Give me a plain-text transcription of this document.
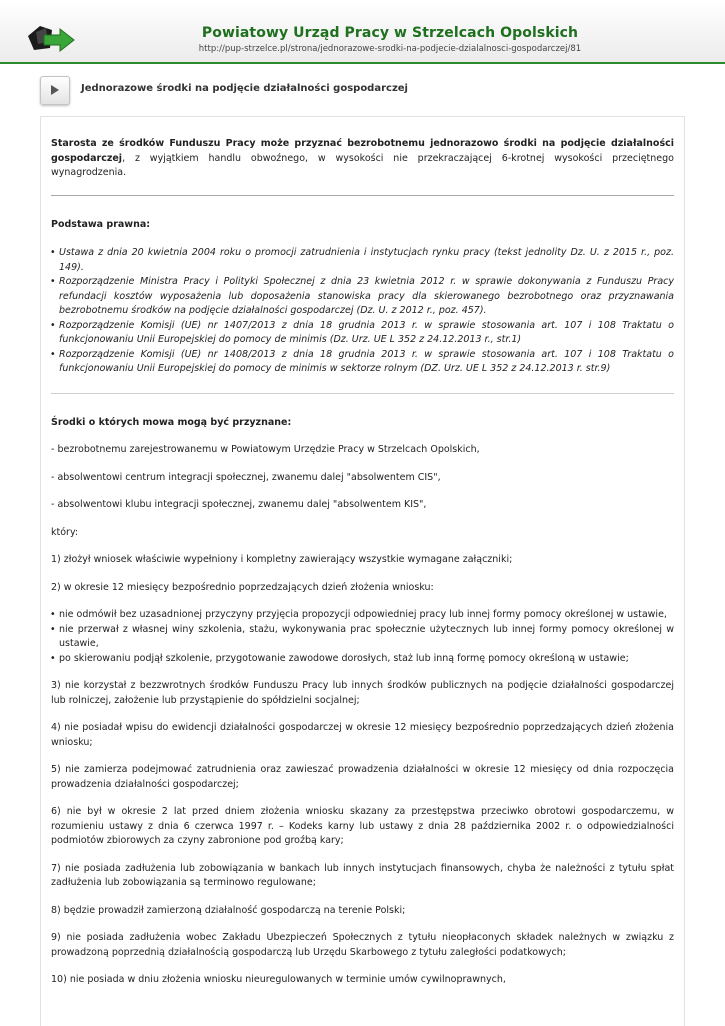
Powiatowy Urząd Pracy w Strzelcach Opolskich
http://pup-strzelce.pl/strona/jednorazowe-srodki-na-podjecie-dzialalnosci-gospodarczej/81
Jednorazowe środki na podjęcie działalności gospodarczej

Starosta ze środków Funduszu Pracy może przyznać bezrobotnemu jednorazowo środki na podjęcie działalności gospodarczej, z wyjątkiem handlu obwoźnego, w wysokości nie przekraczającej 6-krotnej wysokości przeciętnego wynagrodzenia.

Podstawa prawna:

• Ustawa z dnia 20 kwietnia 2004 roku o promocji zatrudnienia i instytucjach rynku pracy (tekst jednolity Dz. U. z 2015 r., poz. 149).
• Rozporządzenie Ministra Pracy i Polityki Społecznej z dnia 23 kwietnia 2012 r. w sprawie dokonywania z Funduszu Pracy refundacji kosztów wyposażenia lub doposażenia stanowiska pracy dla skierowanego bezrobotnego oraz przyznawania bezrobotnemu środków na podjęcie działalności gospodarczej (Dz. U. z 2012 r., poz. 457).
• Rozporządzenie Komisji (UE) nr 1407/2013 z dnia 18 grudnia 2013 r. w sprawie stosowania art. 107 i 108 Traktatu o funkcjonowaniu Unii Europejskiej do pomocy de minimis (Dz. Urz. UE L 352 z 24.12.2013 r., str.1)
• Rozporządzenie Komisji (UE) nr 1408/2013 z dnia 18 grudnia 2013 r. w sprawie stosowania art. 107 i 108 Traktatu o funkcjonowaniu Unii Europejskiej do pomocy de minimis w sektorze rolnym (DZ. Urz. UE L 352 z 24.12.2013 r. str.9)

Środki o których mowa mogą być przyznane:

- bezrobotnemu zarejestrowanemu w Powiatowym Urzędzie Pracy w Strzelcach Opolskich,

- absolwentowi centrum integracji społecznej, zwanemu dalej "absolwentem CIS",

- absolwentowi klubu integracji społecznej, zwanemu dalej "absolwentem KIS",

który:

1) złożył wniosek właściwie wypełniony i kompletny zawierający wszystkie wymagane załączniki;

2) w okresie 12 miesięcy bezpośrednio poprzedzających dzień złożenia wniosku:

• nie odmówił bez uzasadnionej przyczyny przyjęcia propozycji odpowiedniej pracy lub innej formy pomocy określonej w ustawie,
• nie przerwał z własnej winy szkolenia, stażu, wykonywania prac społecznie użytecznych lub innej formy pomocy określonej w ustawie,
• po skierowaniu podjął szkolenie, przygotowanie zawodowe dorosłych, staż lub inną formę pomocy określoną w ustawie;

3) nie korzystał z bezzwrotnych środków Funduszu Pracy lub innych środków publicznych na podjęcie działalności gospodarczej lub rolniczej, założenie lub przystąpienie do spółdzielni socjalnej;

4) nie posiadał wpisu do ewidencji działalności gospodarczej w okresie 12 miesięcy bezpośrednio poprzedzających dzień złożenia wniosku;

5) nie zamierza podejmować zatrudnienia oraz zawieszać prowadzenia działalności w okresie 12 miesięcy od dnia rozpoczęcia prowadzenia działalności gospodarczej;

6) nie był w okresie 2 lat przed dniem złożenia wniosku skazany za przestępstwa przeciwko obrotowi gospodarczemu, w rozumieniu ustawy z dnia 6 czerwca 1997 r. – Kodeks karny lub ustawy z dnia 28 października 2002 r. o odpowiedzialności podmiotów zbiorowych za czyny zabronione pod groźbą kary;

7) nie posiada zadłużenia lub zobowiązania w bankach lub innych instytucjach finansowych, chyba że należności z tytułu spłat zadłużenia lub zobowiązania są terminowo regulowane;

8) będzie prowadził zamierzoną działalność gospodarczą na terenie Polski;

9) nie posiada zadłużenia wobec Zakładu Ubezpieczeń Społecznych z tytułu nieopłaconych składek należnych w związku z prowadzoną poprzednią działalnością gospodarczą lub Urzędu Skarbowego z tytułu zaległości podatkowych;

10) nie posiada w dniu złożenia wniosku nieuregulowanych w terminie umów cywilnoprawnych,
